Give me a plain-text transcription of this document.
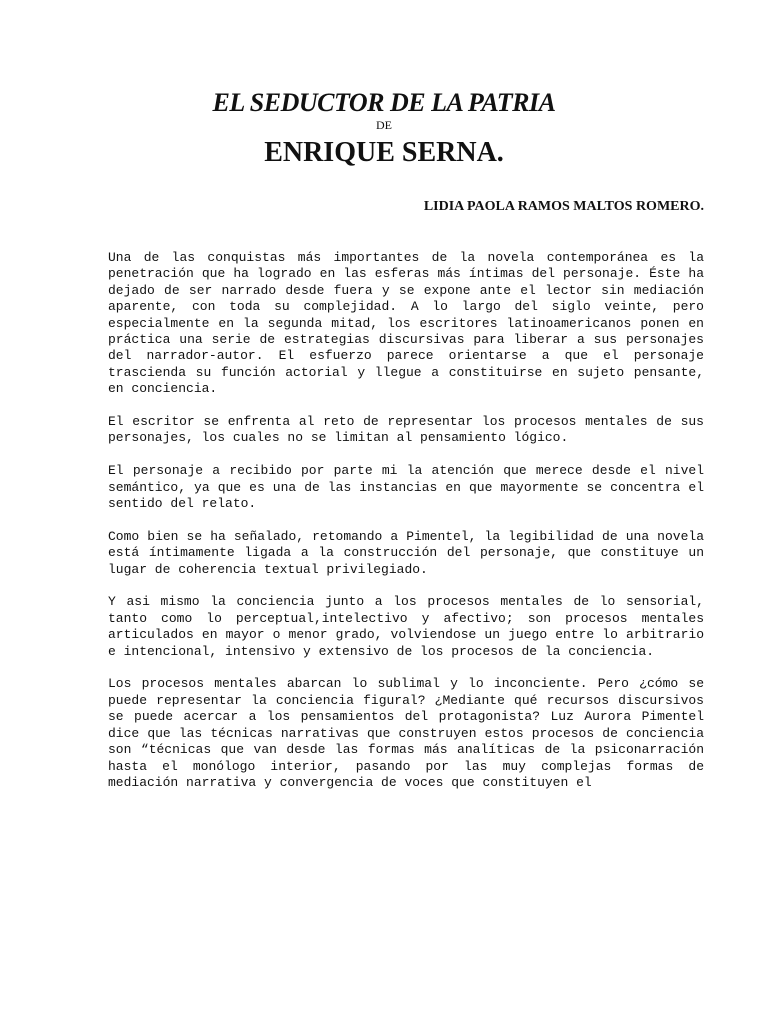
EL SEDUCTOR DE LA PATRIA

DE

ENRIQUE SERNA.

LIDIA PAOLA RAMOS MALTOS ROMERO.

Una de las conquistas más importantes de la novela contemporánea es la penetración que ha logrado en las esferas más íntimas del personaje. Éste ha dejado de ser narrado desde fuera y se expone ante el lector sin mediación aparente, con toda su complejidad. A lo largo del siglo veinte, pero especialmente en la segunda mitad, los escritores latinoamericanos ponen en práctica una serie de estrategias discursivas para liberar a sus personajes del narrador-autor. El esfuerzo parece orientarse a que el personaje trascienda su función actorial y llegue a constituirse en sujeto pensante, en conciencia.

El escritor se enfrenta al reto de representar los procesos mentales de sus personajes, los cuales no se limitan al pensamiento lógico.

El personaje a recibido por parte mi la atención que merece desde el nivel semántico, ya que es una de las instancias en que mayormente se concentra el sentido del relato.

Como bien se ha señalado, retomando a Pimentel, la legibilidad de una novela está íntimamente ligada a la construcción del personaje, que constituye un lugar de coherencia textual privilegiado.

Y asi mismo la conciencia junto a los procesos mentales de lo sensorial, tanto como lo perceptual,intelectivo y afectivo; son procesos mentales articulados en mayor o menor grado, volviendose un juego entre lo arbitrario e intencional, intensivo y extensivo de los procesos de la conciencia.

Los procesos mentales abarcan lo sublimal y lo inconciente. Pero ¿cómo se puede representar la conciencia figural? ¿Mediante qué recursos discursivos se puede acercar a los pensamientos del protagonista? Luz Aurora Pimentel dice que las técnicas narrativas que construyen estos procesos de conciencia son “técnicas que van desde las formas más analíticas de la psiconarración hasta el monólogo interior, pasando por las muy complejas formas de mediación narrativa y convergencia de voces que constituyen el
